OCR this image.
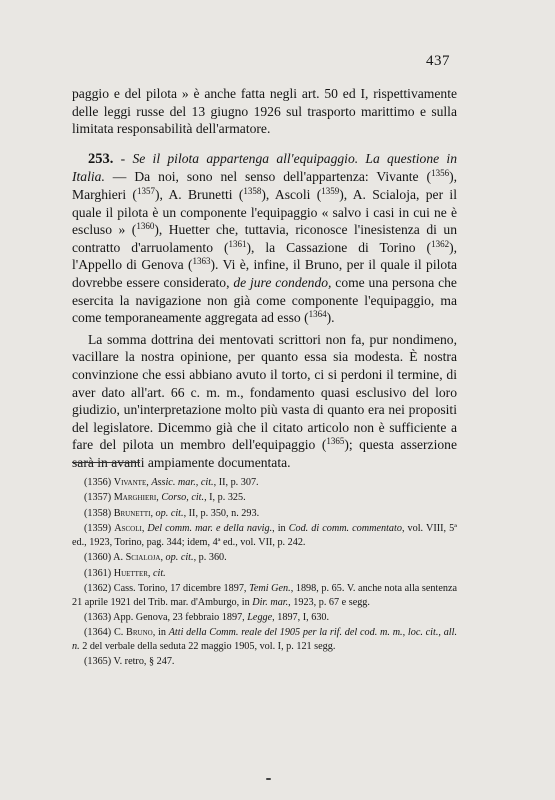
437

paggio e del pilota » è anche fatta negli art. 50 ed I, rispettivamente delle leggi russe del 13 giugno 1926 sul trasporto marittimo e sulla limitata responsabilità dell'armatore.

253. - Se il pilota appartenga all'equipaggio. La questione in Italia. — Da noi, sono nel senso dell'appartenza: Vivante ($^{1356}$), Marghieri ($^{1357}$), A. Brunetti ($^{1358}$), Ascoli ($^{1359}$), A. Scialoja, per il quale il pilota è un componente l'equipaggio « salvo i casi in cui ne è escluso » ($^{1360}$), Huetter che, tuttavia, riconosce l'inesistenza di un contratto d'arruolamento ($^{1361}$), la Cassazione di Torino ($^{1362}$), l'Appello di Genova ($^{1363}$). Vi è, infine, il Bruno, per il quale il pilota dovrebbe essere considerato, de jure condendo, come una persona che esercita la navigazione non già come componente l'equipaggio, ma come temporaneamente aggregata ad esso ($^{1364}$).

La somma dottrina dei mentovati scrittori non fa, pur nondimeno, vacillare la nostra opinione, per quanto essa sia modesta. È nostra convinzione che essi abbiano avuto il torto, ci si perdoni il termine, di aver dato all'art. 66 c. m. m., fondamento quasi esclusivo del loro giudizio, un'interpretazione molto più vasta di quanto era nei propositi del legislatore. Dicemmo già che il citato articolo non è sufficiente a fare del pilota un membro dell'equipaggio ($^{1365}$); questa asserzione sarà in avanti ampiamente documentata.

(1356) Vivante, Assic. mar., cit., II, p. 307.

(1357) Marghieri, Corso, cit., I, p. 325.

(1358) Brunetti, op. cit., II, p. 350, n. 293.

(1359) Ascoli, Del comm. mar. e della navig., in Cod. di comm. commentato, vol. VIII, 5ª ed., 1923, Torino, pag. 344; idem, 4ª ed., vol. VII, p. 242.

(1360) A. Scialoja, op. cit., p. 360.

(1361) Huetter, cit.

(1362) Cass. Torino, 17 dicembre 1897, Temi Gen., 1898, p. 65. V. anche nota alla sentenza 21 aprile 1921 del Trib. mar. d'Amburgo, in Dir. mar., 1923, p. 67 e segg.

(1363) App. Genova, 23 febbraio 1897, Legge, 1897, I, 630.

(1364) C. Bruno, in Atti della Comm. reale del 1905 per la rif. del cod. m. m., loc. cit., all. n. 2 del verbale della seduta 22 maggio 1905, vol. I, p. 121 segg.

(1365) V. retro, § 247.
